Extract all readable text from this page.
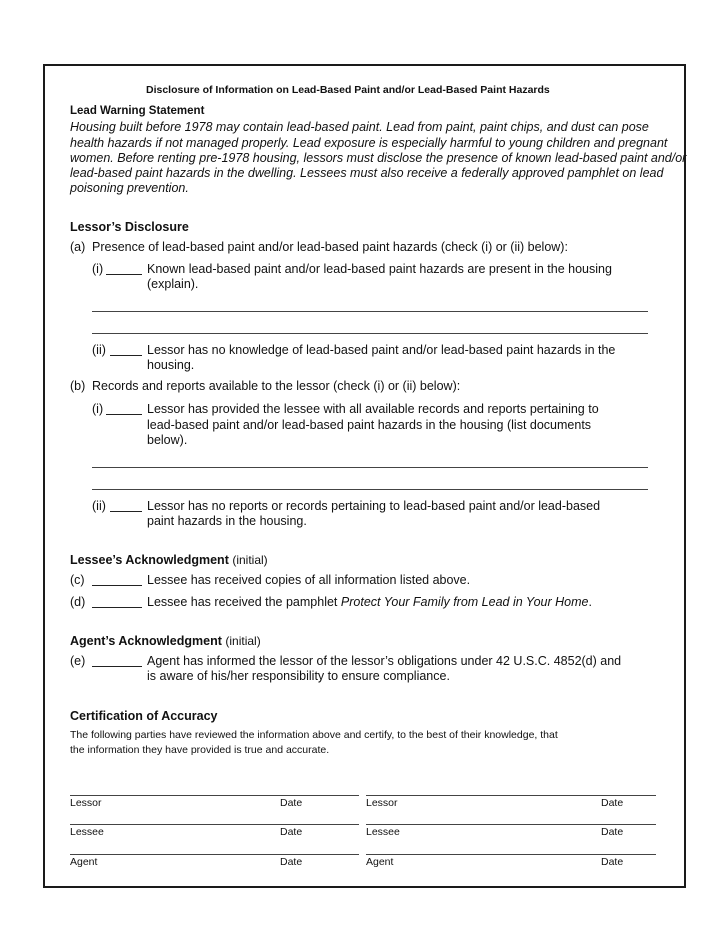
Disclosure of Information on Lead-Based Paint and/or Lead-Based Paint Hazards
Lead Warning Statement
Housing built before 1978 may contain lead-based paint. Lead from paint, paint chips, and dust can pose
health hazards if not managed properly. Lead exposure is especially harmful to young children and pregnant
women. Before renting pre-1978 housing, lessors must disclose the presence of known lead-based paint and/or
lead-based paint hazards in the dwelling. Lessees must also receive a federally approved pamphlet on lead
poisoning prevention.
Lessor’s Disclosure
(a) Presence of lead-based paint and/or lead-based paint hazards (check (i) or (ii) below):
(i)	Known lead-based paint and/or lead-based paint hazards are present in the housing
(explain).
(ii)	Lessor has no knowledge of lead-based paint and/or lead-based paint hazards in the
housing.
(b) Records and reports available to the lessor (check (i) or (ii) below):
(i)	Lessor has provided the lessee with all available records and reports pertaining to
lead-based paint and/or lead-based paint hazards in the housing (list documents
below).
(ii)	Lessor has no reports or records pertaining to lead-based paint and/or lead-based
paint hazards in the housing.
Lessee’s Acknowledgment (initial)
(c)	Lessee has received copies of all information listed above.
(d)	Lessee has received the pamphlet Protect Your Family from Lead in Your Home.
Agent’s Acknowledgment (initial)
(e)	Agent has informed the lessor of the lessor’s obligations under 42 U.S.C. 4852(d) and
is aware of his/her responsibility to ensure compliance.
Certification of Accuracy
The following parties have reviewed the information above and certify, to the best of their knowledge, that
the information they have provided is true and accurate.
Lessor	Date	Lessor	Date
Lessee	Date	Lessee	Date
Agent	Date	Agent	Date
